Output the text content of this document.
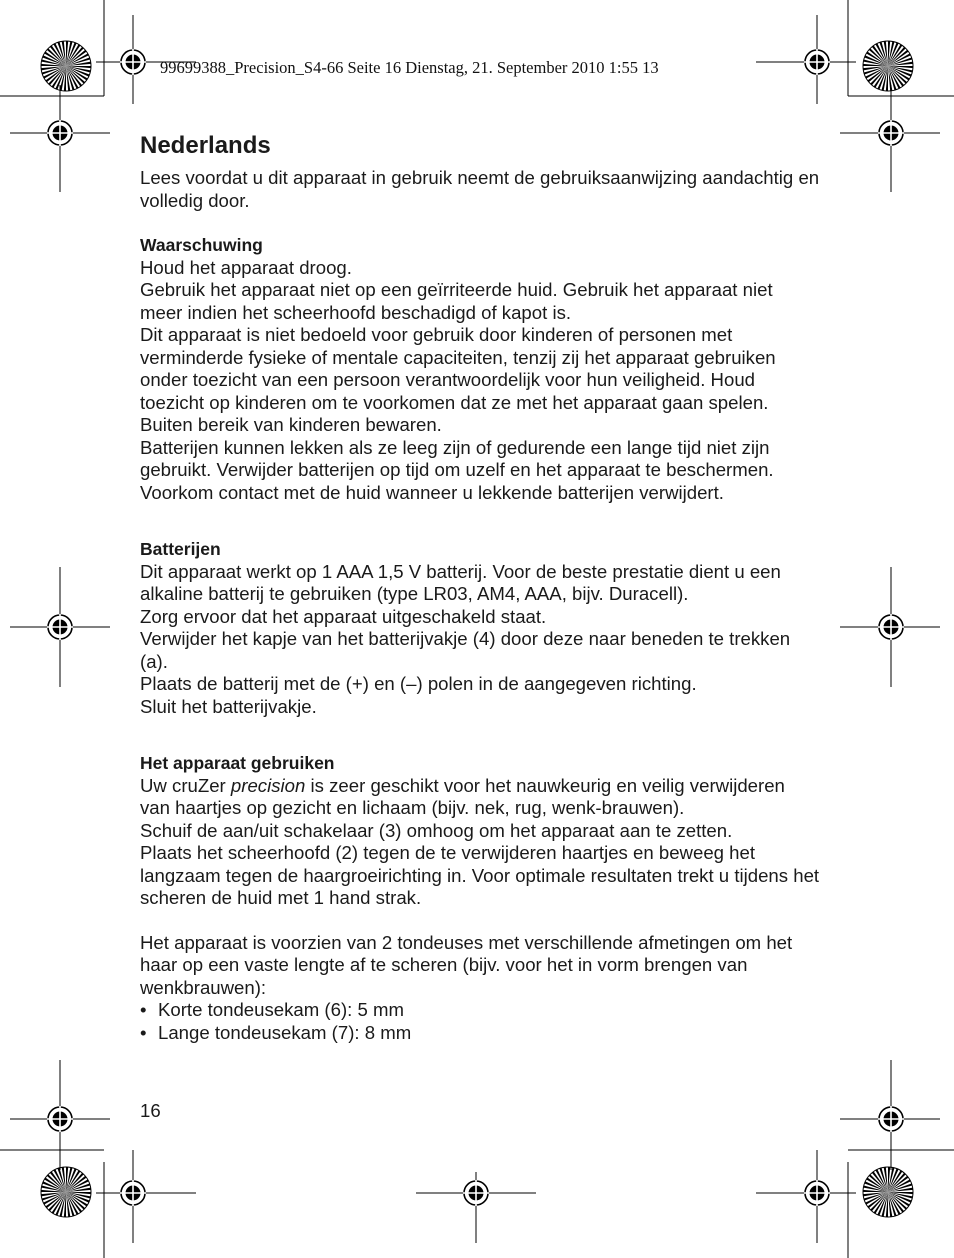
99699388_Precision_S4-66 Seite 16 Dienstag, 21. September 2010 1:55 13
Nederlands

Lees voordat u dit apparaat in gebruik neemt de gebruiksaanwijzing aandachtig en volledig door.

Waarschuwing

Houd het apparaat droog.

Gebruik het apparaat niet op een geïrriteerde huid. Gebruik het apparaat niet meer indien het scheerhoofd beschadigd of kapot is.

Dit apparaat is niet bedoeld voor gebruik door kinderen of personen met verminderde fysieke of mentale capaciteiten, tenzij zij het apparaat gebruiken onder toezicht van een persoon verantwoordelijk voor hun veiligheid. Houd toezicht op kinderen om te voorkomen dat ze met het apparaat gaan spelen. Buiten bereik van kinderen bewaren.

Batterijen kunnen lekken als ze leeg zijn of gedurende een lange tijd niet zijn gebruikt. Verwijder batterijen op tijd om uzelf en het apparaat te beschermen. Voorkom contact met de huid wanneer u lekkende batterijen verwijdert.

Batterijen

Dit apparaat werkt op 1 AAA 1,5 V batterij. Voor de beste prestatie dient u een alkaline batterij te gebruiken (type LR03, AM4, AAA, bijv. Duracell).

Zorg ervoor dat het apparaat uitgeschakeld staat.

Verwijder het kapje van het batterijvakje (4) door deze naar beneden te trekken (a).

Plaats de batterij met de (+) en (–) polen in de aangegeven richting.

Sluit het batterijvakje.

Het apparaat gebruiken

Uw cruZer precision is zeer geschikt voor het nauwkeurig en veilig verwijderen van haartjes op gezicht en lichaam (bijv. nek, rug, wenk-brauwen).

Schuif de aan/uit schakelaar (3) omhoog om het apparaat aan te zetten.

Plaats het scheerhoofd (2) tegen de te verwijderen haartjes en beweeg het langzaam tegen de haargroeirichting in. Voor optimale resultaten trekt u tijdens het scheren de huid met 1 hand strak.

Het apparaat is voorzien van 2 tondeuses met verschillende afmetingen om het haar op een vaste lengte af te scheren (bijv. voor het in vorm brengen van wenkbrauwen):

• Korte tondeusekam (6): 5 mm
• Lange tondeusekam (7): 8 mm
16
